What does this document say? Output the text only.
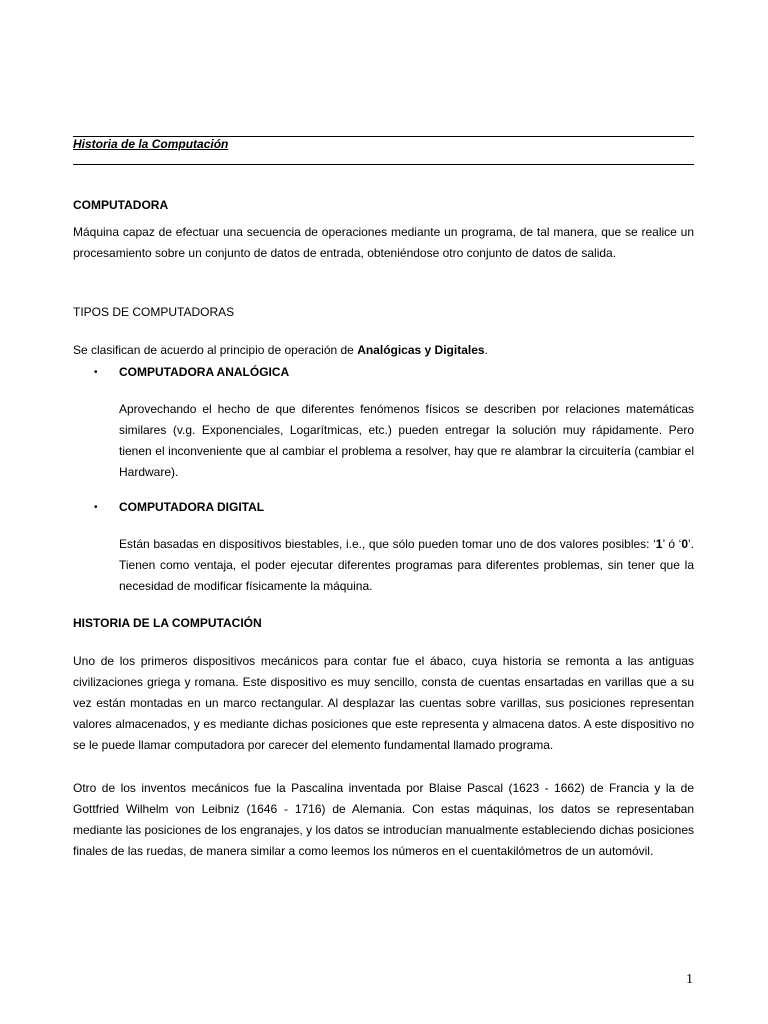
Historia de la Computación
COMPUTADORA
Máquina capaz de efectuar una secuencia de operaciones mediante un programa, de tal manera, que se realice un procesamiento sobre un conjunto de datos de entrada, obteniéndose otro conjunto de datos de salida.
TIPOS DE COMPUTADORAS
Se clasifican de acuerdo al principio de operación de Analógicas y Digitales.
• COMPUTADORA ANALÓGICA
Aprovechando el hecho de que diferentes fenómenos físicos se describen por relaciones matemáticas similares (v.g. Exponenciales, Logarítmicas, etc.) pueden entregar la solución muy rápidamente. Pero tienen el inconveniente que al cambiar el problema a resolver, hay que re alambrar la circuitería (cambiar el Hardware).
• COMPUTADORA DIGITAL
Están basadas en dispositivos biestables, i.e., que sólo pueden tomar uno de dos valores posibles: ‘1’ ó ‘0’. Tienen como ventaja, el poder ejecutar diferentes programas para diferentes problemas, sin tener que la necesidad de modificar físicamente la máquina.
HISTORIA DE LA COMPUTACIÓN
Uno de los primeros dispositivos mecánicos para contar fue el ábaco, cuya historia se remonta a las antiguas civilizaciones griega y romana. Este dispositivo es muy sencillo, consta de cuentas ensartadas en varillas que a su vez están montadas en un marco rectangular. Al desplazar las cuentas sobre varillas, sus posiciones representan valores almacenados, y es mediante dichas posiciones que este representa y almacena datos. A este dispositivo no se le puede llamar computadora por carecer del elemento fundamental llamado programa.
Otro de los inventos mecánicos fue la Pascalina inventada por Blaise Pascal (1623 - 1662) de Francia y la de Gottfried Wilhelm von Leibniz (1646 - 1716) de Alemania. Con estas máquinas, los datos se representaban mediante las posiciones de los engranajes, y los datos se introducían manualmente estableciendo dichas posiciones finales de las ruedas, de manera similar a como leemos los números en el cuentakilómetros de un automóvil.
1
